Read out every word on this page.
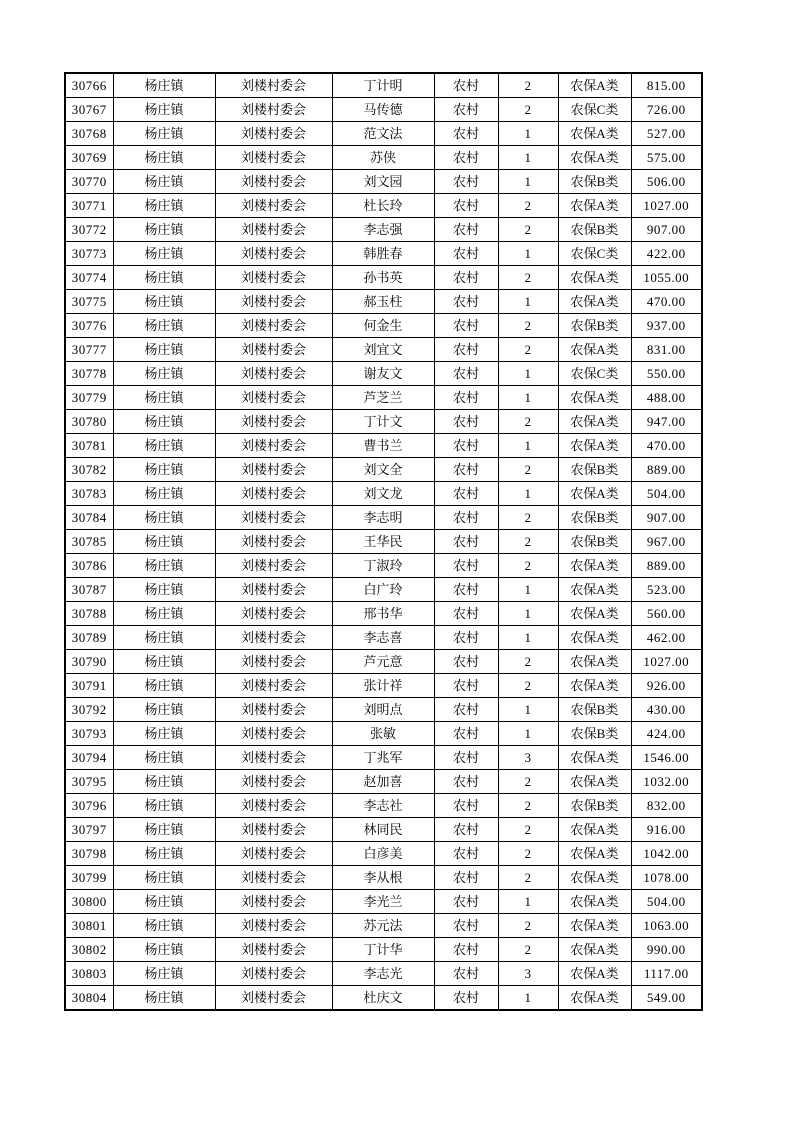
30766	杨庄镇	刘楼村委会	丁计明	农村	2	农保A类	815.00
30767	杨庄镇	刘楼村委会	马传德	农村	2	农保C类	726.00
30768	杨庄镇	刘楼村委会	范文法	农村	1	农保A类	527.00
30769	杨庄镇	刘楼村委会	苏侠	农村	1	农保A类	575.00
30770	杨庄镇	刘楼村委会	刘文园	农村	1	农保B类	506.00
30771	杨庄镇	刘楼村委会	杜长玲	农村	2	农保A类	1027.00
30772	杨庄镇	刘楼村委会	李志强	农村	2	农保B类	907.00
30773	杨庄镇	刘楼村委会	韩胜春	农村	1	农保C类	422.00
30774	杨庄镇	刘楼村委会	孙书英	农村	2	农保A类	1055.00
30775	杨庄镇	刘楼村委会	郝玉柱	农村	1	农保A类	470.00
30776	杨庄镇	刘楼村委会	何金生	农村	2	农保B类	937.00
30777	杨庄镇	刘楼村委会	刘宜文	农村	2	农保A类	831.00
30778	杨庄镇	刘楼村委会	谢友文	农村	1	农保C类	550.00
30779	杨庄镇	刘楼村委会	芦芝兰	农村	1	农保A类	488.00
30780	杨庄镇	刘楼村委会	丁计文	农村	2	农保A类	947.00
30781	杨庄镇	刘楼村委会	曹书兰	农村	1	农保A类	470.00
30782	杨庄镇	刘楼村委会	刘文全	农村	2	农保B类	889.00
30783	杨庄镇	刘楼村委会	刘文龙	农村	1	农保A类	504.00
30784	杨庄镇	刘楼村委会	李志明	农村	2	农保B类	907.00
30785	杨庄镇	刘楼村委会	王华民	农村	2	农保B类	967.00
30786	杨庄镇	刘楼村委会	丁淑玲	农村	2	农保A类	889.00
30787	杨庄镇	刘楼村委会	白广玲	农村	1	农保A类	523.00
30788	杨庄镇	刘楼村委会	邢书华	农村	1	农保A类	560.00
30789	杨庄镇	刘楼村委会	李志喜	农村	1	农保A类	462.00
30790	杨庄镇	刘楼村委会	芦元意	农村	2	农保A类	1027.00
30791	杨庄镇	刘楼村委会	张计祥	农村	2	农保A类	926.00
30792	杨庄镇	刘楼村委会	刘明点	农村	1	农保B类	430.00
30793	杨庄镇	刘楼村委会	张敏	农村	1	农保B类	424.00
30794	杨庄镇	刘楼村委会	丁兆军	农村	3	农保A类	1546.00
30795	杨庄镇	刘楼村委会	赵加喜	农村	2	农保A类	1032.00
30796	杨庄镇	刘楼村委会	李志社	农村	2	农保B类	832.00
30797	杨庄镇	刘楼村委会	林同民	农村	2	农保A类	916.00
30798	杨庄镇	刘楼村委会	白彦美	农村	2	农保A类	1042.00
30799	杨庄镇	刘楼村委会	李从根	农村	2	农保A类	1078.00
30800	杨庄镇	刘楼村委会	李光兰	农村	1	农保A类	504.00
30801	杨庄镇	刘楼村委会	苏元法	农村	2	农保A类	1063.00
30802	杨庄镇	刘楼村委会	丁计华	农村	2	农保A类	990.00
30803	杨庄镇	刘楼村委会	李志光	农村	3	农保A类	1117.00
30804	杨庄镇	刘楼村委会	杜庆文	农村	1	农保A类	549.00
